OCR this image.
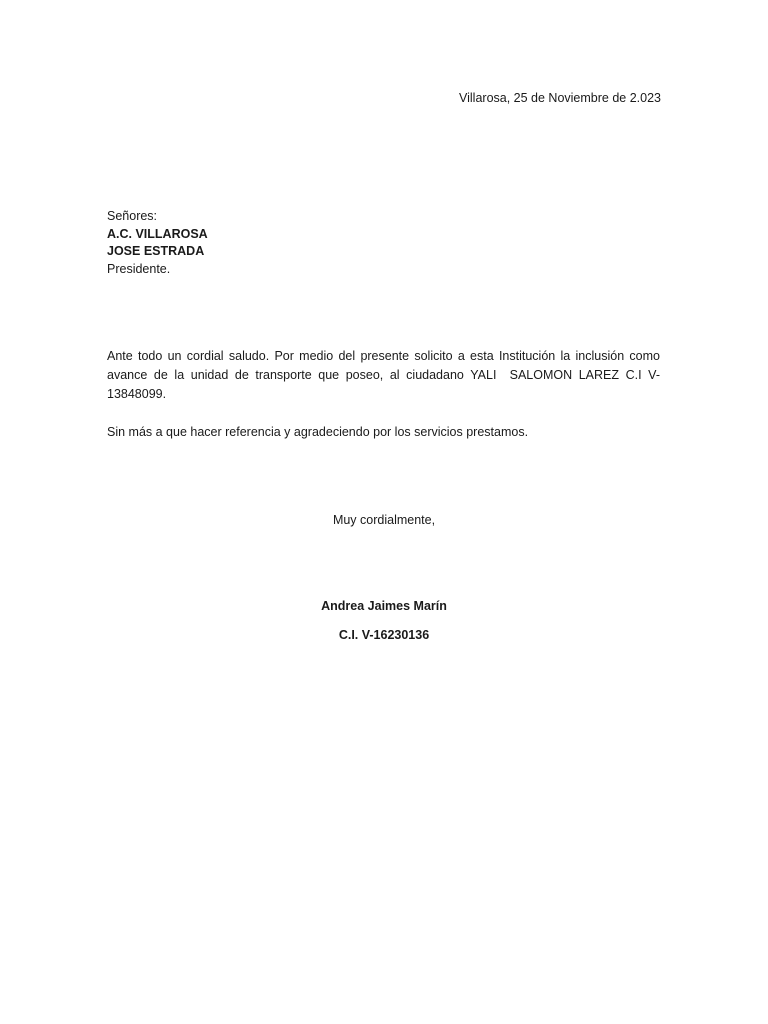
Villarosa, 25 de Noviembre de 2.023
Señores:
A.C. VILLAROSA
JOSE ESTRADA
Presidente.
Ante todo un cordial saludo. Por medio del presente solicito a esta Institución la inclusión como avance de la unidad de transporte que poseo, al ciudadano YALI  SALOMON LAREZ C.I V-13848099.
Sin más a que hacer referencia y agradeciendo por los servicios prestamos.
Muy cordialmente,
Andrea Jaimes Marín
C.I. V-16230136
